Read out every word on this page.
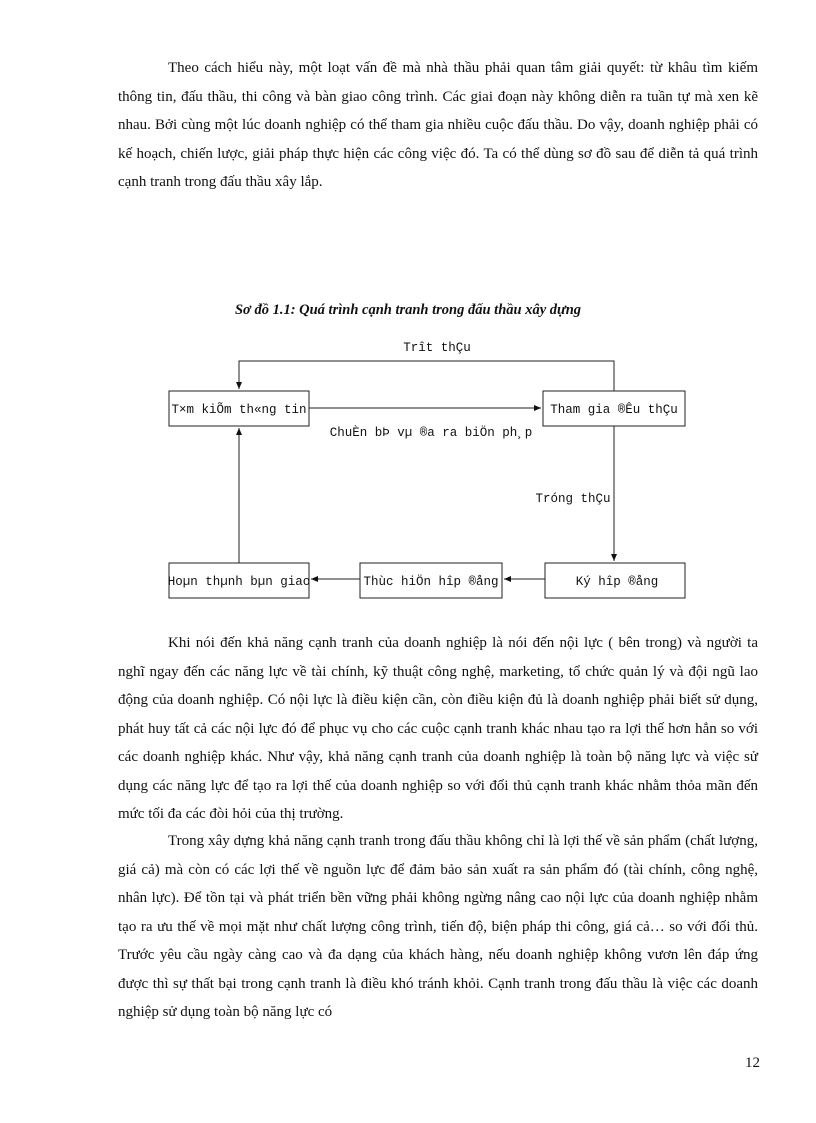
Theo cách hiểu này, một loạt vấn đề mà nhà thầu phải quan tâm giải quyết: từ khâu tìm kiếm thông tin, đấu thầu, thi công và bàn giao công trình. Các giai đoạn này không diễn ra tuần tự mà xen kẽ nhau. Bởi cùng một lúc doanh nghiệp có thể tham gia nhiều cuộc đấu thầu. Do vậy, doanh nghiệp phải có kế hoạch, chiến lược, giải pháp thực hiện các công việc đó. Ta có thể dùng sơ đồ sau để diễn tả quá trình cạnh tranh trong đấu thầu xây lắp.

Sơ đồ 1.1: Quá trình cạnh tranh trong đấu thầu xây dựng

T×m kiÕm th«ng tin	Tham gia ®Êu thÇu
Ký hîp ®ång
Thùc hiÖn hîp ®ång
Hoµn thµnh bµn giao
Trît thÇu
ChuÈn bÞ vµ ®a ra biÖn ph¸p
Tróng thÇu

Khi nói đến khả năng cạnh tranh của doanh nghiệp là nói đến nội lực ( bên trong) và người ta nghĩ ngay đến các năng lực về tài chính, kỹ thuật công nghệ, marketing, tổ chức quản lý và đội ngũ lao động của doanh nghiệp. Có nội lực là điều kiện cần, còn điều kiện đủ là doanh nghiệp phải biết sử dụng, phát huy tất cả các nội lực đó để phục vụ cho các cuộc cạnh tranh khác nhau tạo ra lợi thế hơn hẳn so với các doanh nghiệp khác. Như vậy, khả năng cạnh tranh của doanh nghiệp là toàn bộ năng lực và việc sử dụng các năng lực để tạo ra lợi thế của doanh nghiệp so với đối thủ cạnh tranh khác nhằm thỏa mãn đến mức tối đa các đòi hỏi của thị trường.

Trong xây dựng khả năng cạnh tranh trong đấu thầu không chỉ là lợi thế về sản phẩm (chất lượng, giá cả) mà còn có các lợi thế về nguồn lực để đảm bảo sản xuất ra sản phẩm đó (tài chính, công nghệ, nhân lực). Để tồn tại và phát triển bền vững phải không ngừng nâng cao nội lực của doanh nghiệp nhằm tạo ra ưu thế về mọi mặt như chất lượng công trình, tiến độ, biện pháp thi công, giá cả… so với đối thủ. Trước yêu cầu ngày càng cao và đa dạng của khách hàng, nếu doanh nghiệp không vươn lên đáp ứng được thì sự thất bại trong cạnh tranh là điều khó tránh khỏi. Cạnh tranh trong đấu thầu là việc các doanh nghiệp sử dụng toàn bộ năng lực có

12
